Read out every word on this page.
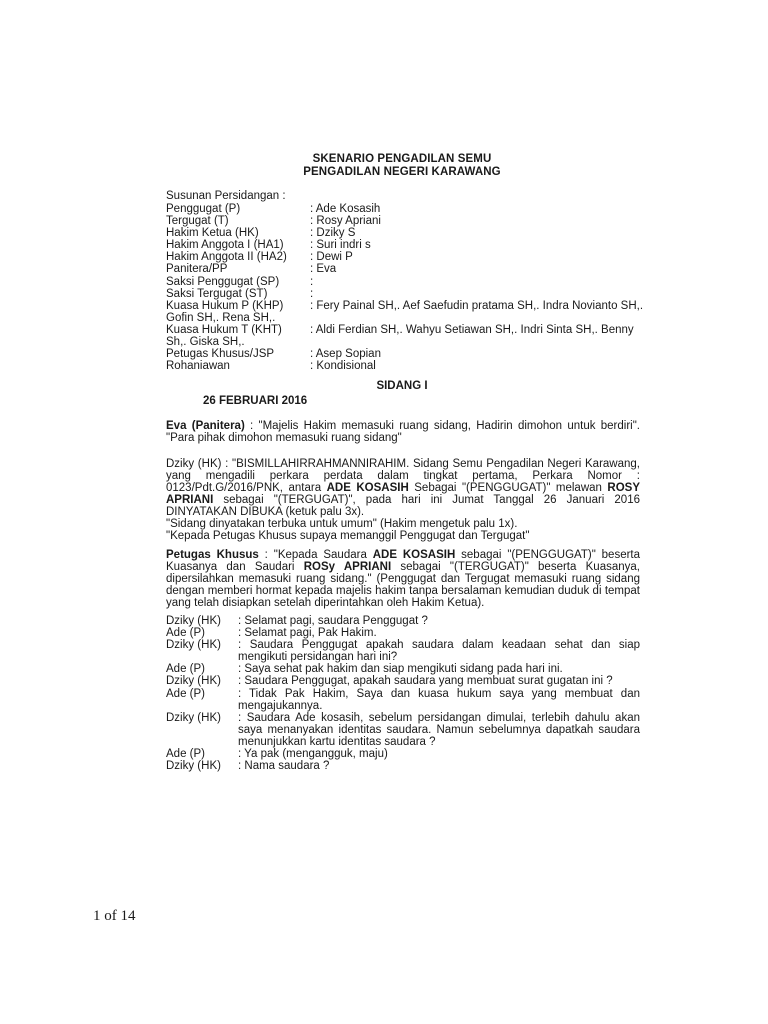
SKENARIO PENGADILAN SEMU
PENGADILAN NEGERI KARAWANG
Susunan Persidangan :
Penggugat (P)	: Ade Kosasih
Tergugat (T)	: Rosy Apriani
Hakim Ketua (HK)	: Dziky S
Hakim Anggota I (HA1)	: Suri indri s
Hakim Anggota II (HA2)	: Dewi P
Panitera/PP	: Eva
Saksi Penggugat (SP)	:
Saksi Tergugat (ST)	:
Kuasa Hukum P (KHP)	: Fery Painal SH,. Aef Saefudin pratama SH,. Indra Novianto SH,.
Gofin SH,. Rena SH,.
Kuasa Hukum T (KHT)	: Aldi Ferdian SH,. Wahyu Setiawan SH,. Indri Sinta SH,. Benny
Sh,. Giska SH,.
Petugas Khusus/JSP	: Asep Sopian
Rohaniawan	: Kondisional
SIDANG I
26 FEBRUARI 2016
Eva (Panitera) : "Majelis Hakim memasuki ruang sidang, Hadirin dimohon untuk berdiri". "Para pihak dimohon memasuki ruang sidang"
Dziky (HK) : "BISMILLAHIRRAHMANNIRAHIM. Sidang Semu Pengadilan Negeri Karawang, yang mengadili perkara perdata dalam tingkat pertama, Perkara Nomor : 0123/Pdt.G/2016/PNK, antara ADE KOSASIH Sebagai "(PENGGUGAT)" melawan ROSY APRIANI sebagai "(TERGUGAT)", pada hari ini Jumat Tanggal 26 Januari 2016 DINYATAKAN DIBUKA (ketuk palu 3x).
"Sidang dinyatakan terbuka untuk umum" (Hakim mengetuk palu 1x).
"Kepada Petugas Khusus supaya memanggil Penggugat dan Tergugat"
Petugas Khusus : "Kepada Saudara ADE KOSASIH sebagai "(PENGGUGAT)" beserta Kuasanya dan Saudari ROSy APRIANI sebagai "(TERGUGAT)" beserta Kuasanya, dipersilahkan memasuki ruang sidang." (Penggugat dan Tergugat memasuki ruang sidang dengan memberi hormat kepada majelis hakim tanpa bersalaman kemudian duduk di tempat yang telah disiapkan setelah diperintahkan oleh Hakim Ketua).
Dziky (HK)	: Selamat pagi, saudara Penggugat ?
Ade (P)	: Selamat pagi, Pak Hakim.
Dziky (HK)	: Saudara Penggugat apakah saudara dalam keadaan sehat dan siap mengikuti persidangan hari ini?
Ade (P)	: Saya sehat pak hakim dan siap mengikuti sidang pada hari ini.
Dziky (HK)	: Saudara Penggugat, apakah saudara yang membuat surat gugatan ini ?
Ade (P)	: Tidak Pak Hakim, Saya dan kuasa hukum saya yang membuat dan mengajukannya.
Dziky (HK)	: Saudara Ade kosasih, sebelum persidangan dimulai, terlebih dahulu akan saya menanyakan identitas saudara. Namun sebelumnya dapatkah saudara menunjukkan kartu identitas saudara ?
Ade (P)	: Ya pak (mengangguk, maju)
Dziky (HK)	: Nama saudara ?
1 of 14
